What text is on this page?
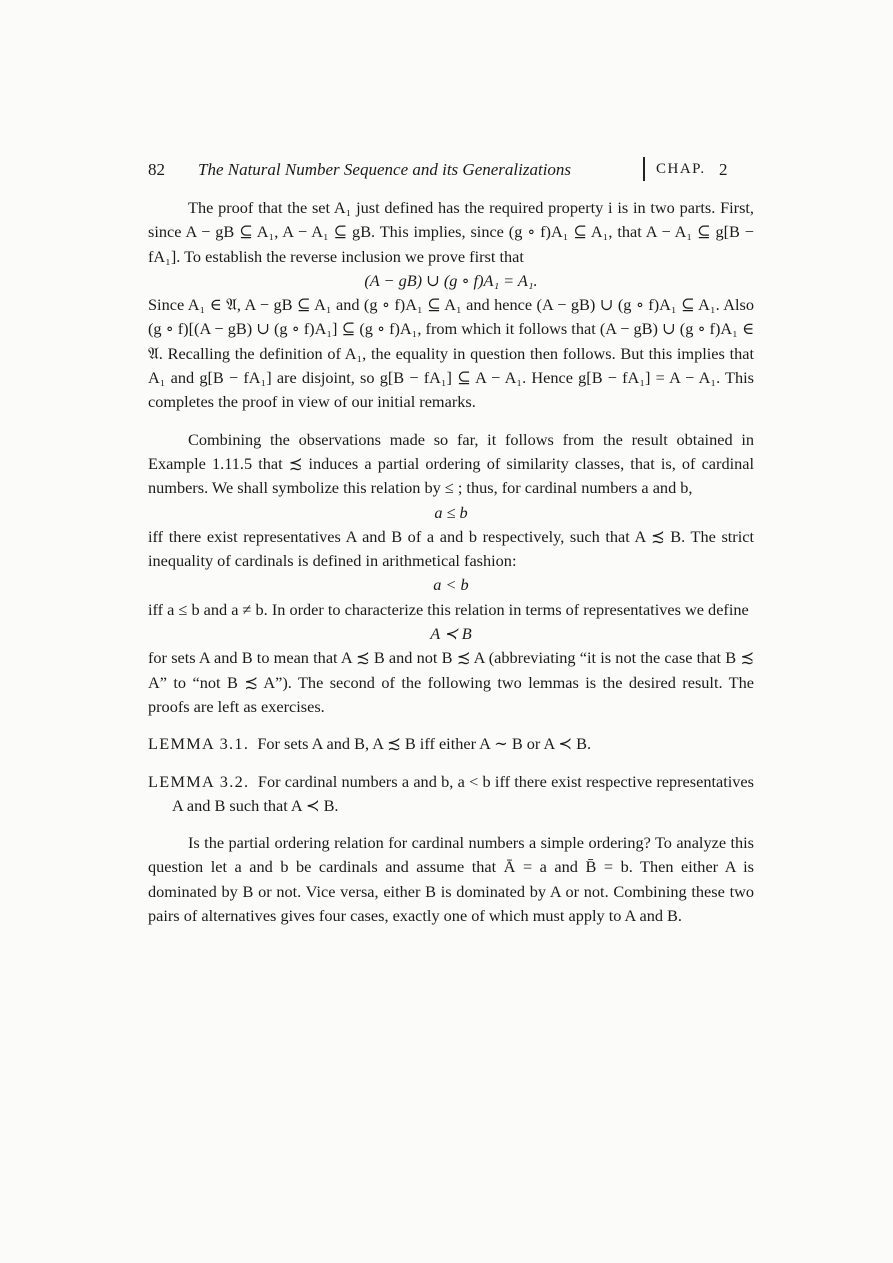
82 The Natural Number Sequence and its Generalizations	CHAP. 2

The proof that the set A₁ just defined has the required property i is in two parts. First, since A − gB ⊆ A₁, A − A₁ ⊆ gB. This implies, since (g ∘ f)A₁ ⊆ A₁, that A − A₁ ⊆ g[B − fA₁]. To establish the reverse inclusion we prove first that

(A − gB) ∪ (g ∘ f)A₁ = A₁.

Since A₁ ∈ 𝔄, A − gB ⊆ A₁ and (g ∘ f)A₁ ⊆ A₁ and hence (A − gB) ∪ (g ∘ f)A₁ ⊆ A₁. Also (g ∘ f)[(A − gB) ∪ (g ∘ f)A₁] ⊆ (g ∘ f)A₁, from which it follows that (A − gB) ∪ (g ∘ f)A₁ ∈ 𝔄. Recalling the definition of A₁, the equality in question then follows. But this implies that A₁ and g[B − fA₁] are disjoint, so g[B − fA₁] ⊆ A − A₁. Hence g[B − fA₁] = A − A₁. This completes the proof in view of our initial remarks.

Combining the observations made so far, it follows from the result obtained in Example 1.11.5 that ≾ induces a partial ordering of similarity classes, that is, of cardinal numbers. We shall symbolize this relation by ≤ ; thus, for cardinal numbers a and b,

a ≤ b

iff there exist representatives A and B of a and b respectively, such that A ≾ B. The strict inequality of cardinals is defined in arithmetical fashion:

a < b

iff a ≤ b and a ≠ b. In order to characterize this relation in terms of representatives we define

A ≺ B

for sets A and B to mean that A ≾ B and not B ≾ A (abbreviating “it is not the case that B ≾ A” to “not B ≾ A”). The second of the following two lemmas is the desired result. The proofs are left as exercises.

LEMMA 3.1. For sets A and B, A ≾ B iff either A ∼ B or A ≺ B.

LEMMA 3.2. For cardinal numbers a and b, a < b iff there exist respective representatives A and B such that A ≺ B.

Is the partial ordering relation for cardinal numbers a simple ordering? To analyze this question let a and b be cardinals and assume that Ā = a and B̄ = b. Then either A is dominated by B or not. Vice versa, either B is dominated by A or not. Combining these two pairs of alternatives gives four cases, exactly one of which must apply to A and B.
